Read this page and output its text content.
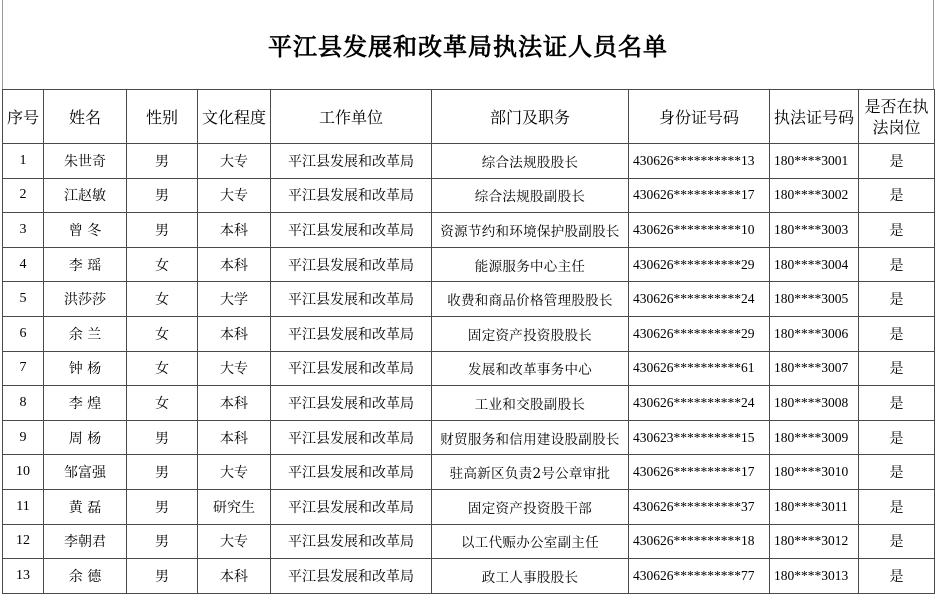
平江县发展和改革局执法证人员名单
序号	姓名	性别	文化程度	工作单位	部门及职务	身份证号码	执法证号码	是否在执法岗位
1	朱世奇	男	大专	平江县发展和改革局	综合法规股股长	430626**********13	180****3001	是
2	江赵敏	男	大专	平江县发展和改革局	综合法规股副股长	430626**********17	180****3002	是
3	曾 冬	男	本科	平江县发展和改革局	资源节约和环境保护股副股长	430626**********10	180****3003	是
4	李 瑶	女	本科	平江县发展和改革局	能源服务中心主任	430626**********29	180****3004	是
5	洪莎莎	女	大学	平江县发展和改革局	收费和商品价格管理股股长	430626**********24	180****3005	是
6	余 兰	女	本科	平江县发展和改革局	固定资产投资股股长	430626**********29	180****3006	是
7	钟 杨	女	大专	平江县发展和改革局	发展和改革事务中心	430626**********61	180****3007	是
8	李 煌	女	本科	平江县发展和改革局	工业和交股副股长	430626**********24	180****3008	是
9	周 杨	男	本科	平江县发展和改革局	财贸服务和信用建设股副股长	430623**********15	180****3009	是
10	邹富强	男	大专	平江县发展和改革局	驻高新区负责2号公章审批	430626**********17	180****3010	是
11	黄 磊	男	研究生	平江县发展和改革局	固定资产投资股干部	430626**********37	180****3011	是
12	李朝君	男	大专	平江县发展和改革局	以工代赈办公室副主任	430626**********18	180****3012	是
13	余 德	男	本科	平江县发展和改革局	政工人事股股长	430626**********77	180****3013	是
